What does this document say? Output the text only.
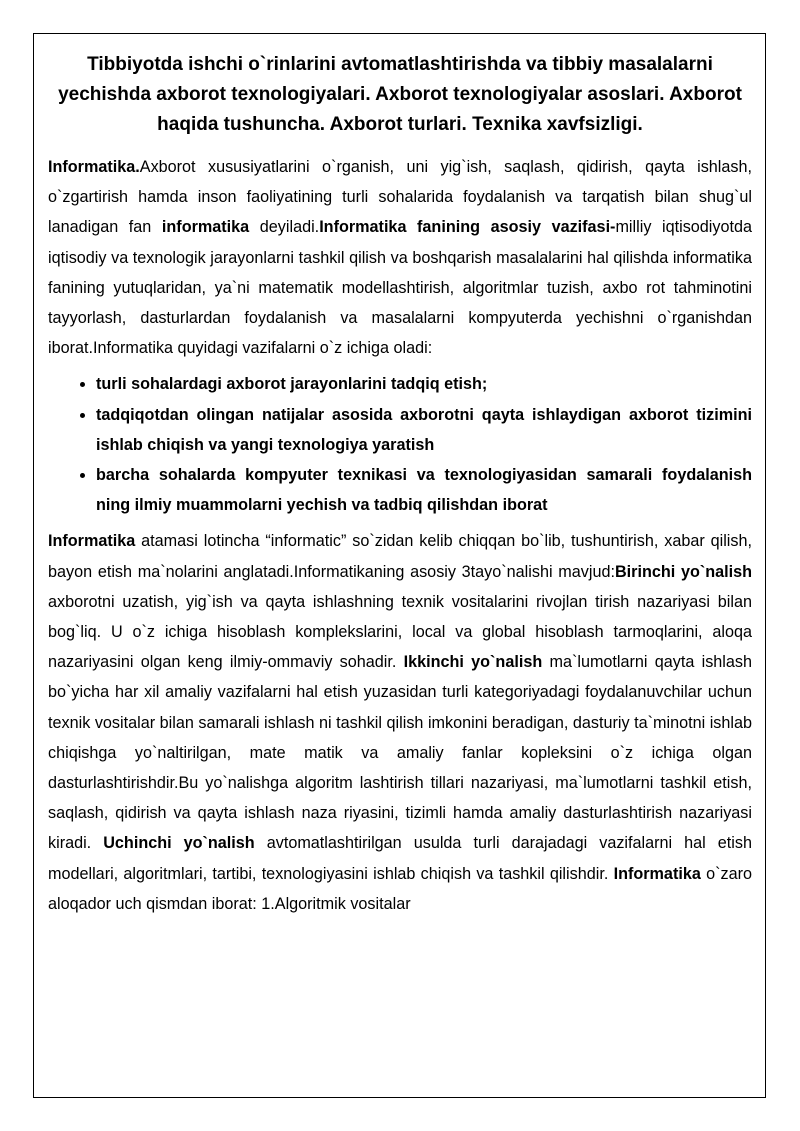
Tibbiyotda ishchi o`rinlarini avtomatlashtirishda va tibbiy masalalarni yechishda axborot texnologiyalari. Axborot texnologiyalar asoslari. Axborot haqida tushuncha. Axborot turlari. Texnika xavfsizligi.

Informatika.Axborot xususiyatlarini o`rganish, uni yig`ish, saqlash, qidirish, qayta ishlash, o`zgartirish hamda inson faoliyatining turli sohalarida foydalanish va tarqatish bilan shug`ul lanadigan fan informatika deyiladi.Informatika fanining asosiy vazifasi-milliy iqtisodiyotda iqtisodiy va texnologik jarayonlarni tashkil qilish va boshqarish masalalarini hal qilishda informatika fanining yutuqlaridan, ya`ni matematik modellashtirish, algoritmlar tuzish, axbo rot tahminotini tayyorlash, dasturlardan foydalanish va masalalarni kompyuterda yechishni o`rganishdan iborat.Informatika quyidagi vazifalarni o`z ichiga oladi:

• turli sohalardagi axborot jarayonlarini tadqiq etish;
• tadqiqotdan olingan natijalar asosida axborotni qayta ishlaydigan axborot tizimini ishlab chiqish va yangi texnologiya yaratish
• barcha sohalarda kompyuter texnikasi va texnologiyasidan samarali foydalanish ning ilmiy muammolarni yechish va tadbiq qilishdan iborat

Informatika atamasi lotincha “informatic” so`zidan kelib chiqqan bo`lib, tushuntirish, xabar qilish, bayon etish ma`nolarini anglatadi.Informatikaning asosiy 3tayo`nalishi mavjud:Birinchi yo`nalish axborotni uzatish, yig`ish va qayta ishlashning texnik vositalarini rivojlan tirish nazariyasi bilan bog`liq. U o`z ichiga hisoblash komplekslarini, local va global hisoblash tarmoqlarini, aloqa nazariyasini olgan keng ilmiy-ommaviy sohadir. Ikkinchi yo`nalish ma`lumotlarni qayta ishlash bo`yicha har xil amaliy vazifalarni hal etish yuzasidan turli kategoriyadagi foydalanuvchilar uchun texnik vositalar bilan samarali ishlash ni tashkil qilish imkonini beradigan, dasturiy ta`minotni ishlab chiqishga yo`naltirilgan, mate matik va amaliy fanlar kopleksini o`z ichiga olgan dasturlashtirishdir.Bu yo`nalishga algoritm lashtirish tillari nazariyasi, ma`lumotlarni tashkil etish, saqlash, qidirish va qayta ishlash naza riyasini, tizimli hamda amaliy dasturlashtirish nazariyasi kiradi. Uchinchi yo`nalish avtomatlashtirilgan usulda turli darajadagi vazifalarni hal etish modellari, algoritmlari, tartibi, texnologiyasini ishlab chiqish va tashkil qilishdir. Informatika o`zaro aloqador uch qismdan iborat: 1.Algoritmik vositalar
